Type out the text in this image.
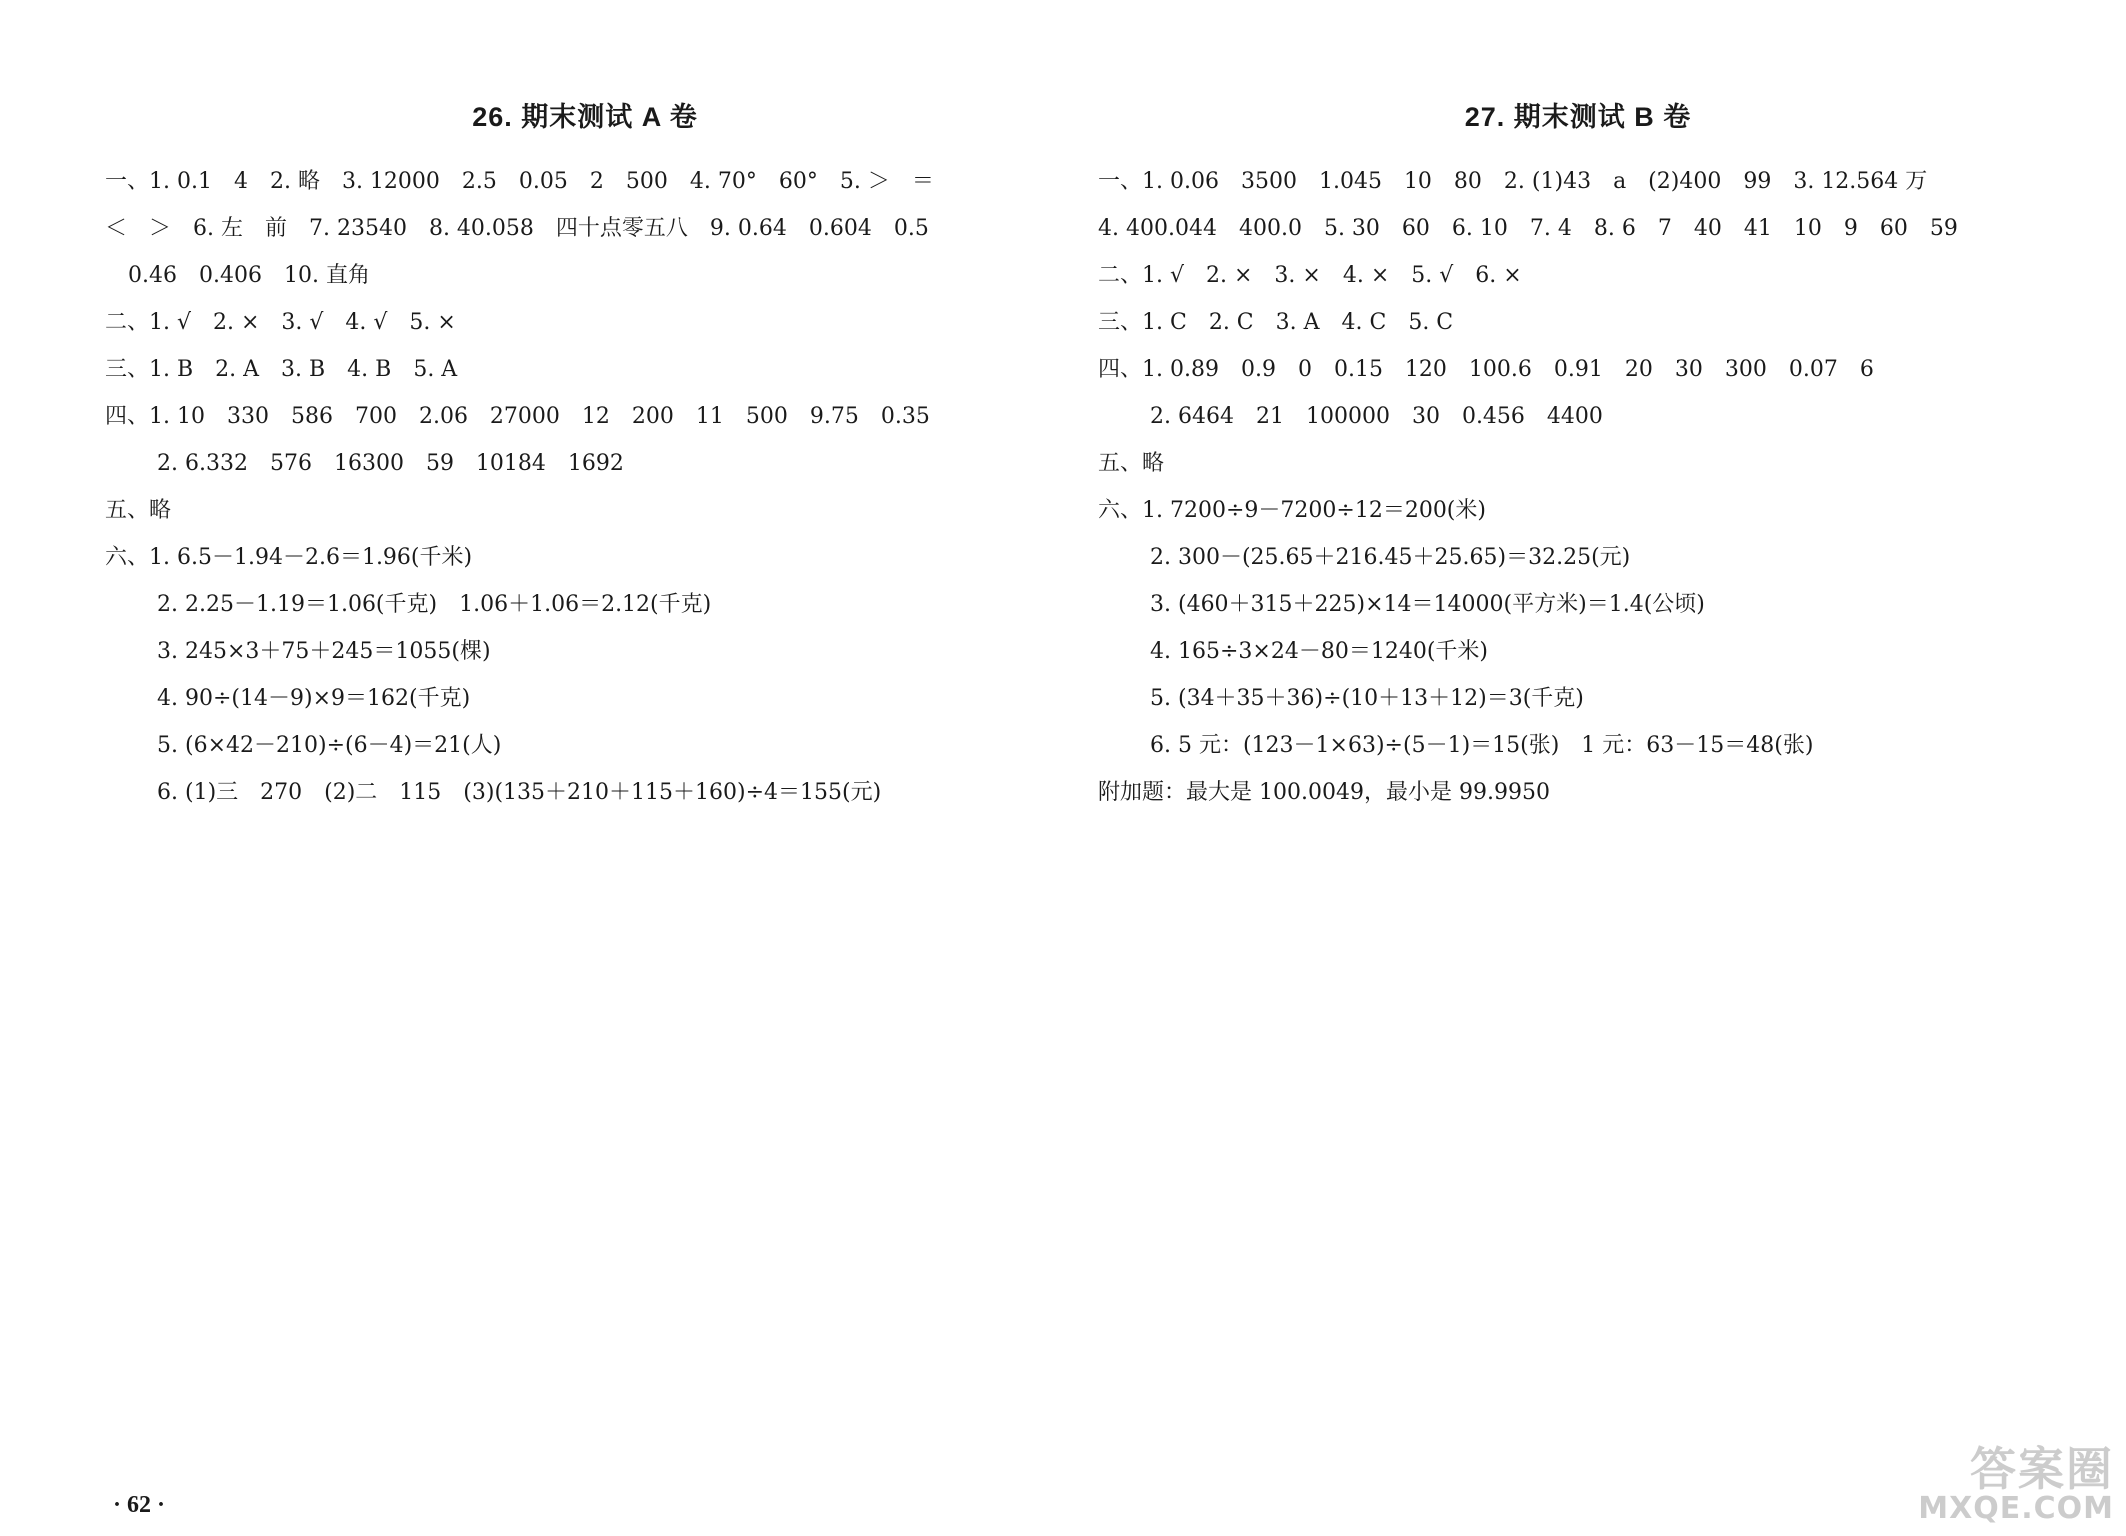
26. 期末测试 A 卷
一、1. 0.1　4　2. 略　3. 12000　2.5　0.05　2　500　4. 70°　60°　5. ＞　＝
＜　＞　6. 左　前　7. 23540　8. 40.058　四十点零五八　9. 0.64　0.604　0.5
0.46　0.406　10. 直角
二、1. √　2. ×　3. √　4. √　5. ×
三、1. B　2. A　3. B　4. B　5. A
四、1. 10　330　586　700　2.06　27000　12　200　11　500　9.75　0.35
2. 6.332　576　16300　59　10184　1692
五、略
六、1. 6.5－1.94－2.6＝1.96(千米)
2. 2.25－1.19＝1.06(千克)　1.06＋1.06＝2.12(千克)
3. 245×3＋75＋245＝1055(棵)
4. 90÷(14－9)×9＝162(千克)
5. (6×42－210)÷(6－4)＝21(人)
6. (1)三　270　(2)二　115　(3)(135＋210＋115＋160)÷4＝155(元)
27. 期末测试 B 卷
一、1. 0.06　3500　1.045　10　80　2. (1)43　a　(2)400　99　3. 12.564 万
4. 400.044　400.0　5. 30　60　6. 10　7. 4　8. 6　7　40　41　10　9　60　59
二、1. √　2. ×　3. ×　4. ×　5. √　6. ×
三、1. C　2. C　3. A　4. C　5. C
四、1. 0.89　0.9　0　0.15　120　100.6　0.91　20　30　300　0.07　6
2. 6464　21　100000　30　0.456　4400
五、略
六、1. 7200÷9－7200÷12＝200(米)
2. 300－(25.65＋216.45＋25.65)＝32.25(元)
3. (460＋315＋225)×14＝14000(平方米)＝1.4(公顷)
4. 165÷3×24－80＝1240(千米)
5. (34＋35＋36)÷(10＋13＋12)＝3(千克)
6. 5 元：(123－1×63)÷(5－1)＝15(张)　1 元：63－15＝48(张)
附加题：最大是 100.0049，最小是 99.9950
· 62 ·
答案圈
MXQE.COM
